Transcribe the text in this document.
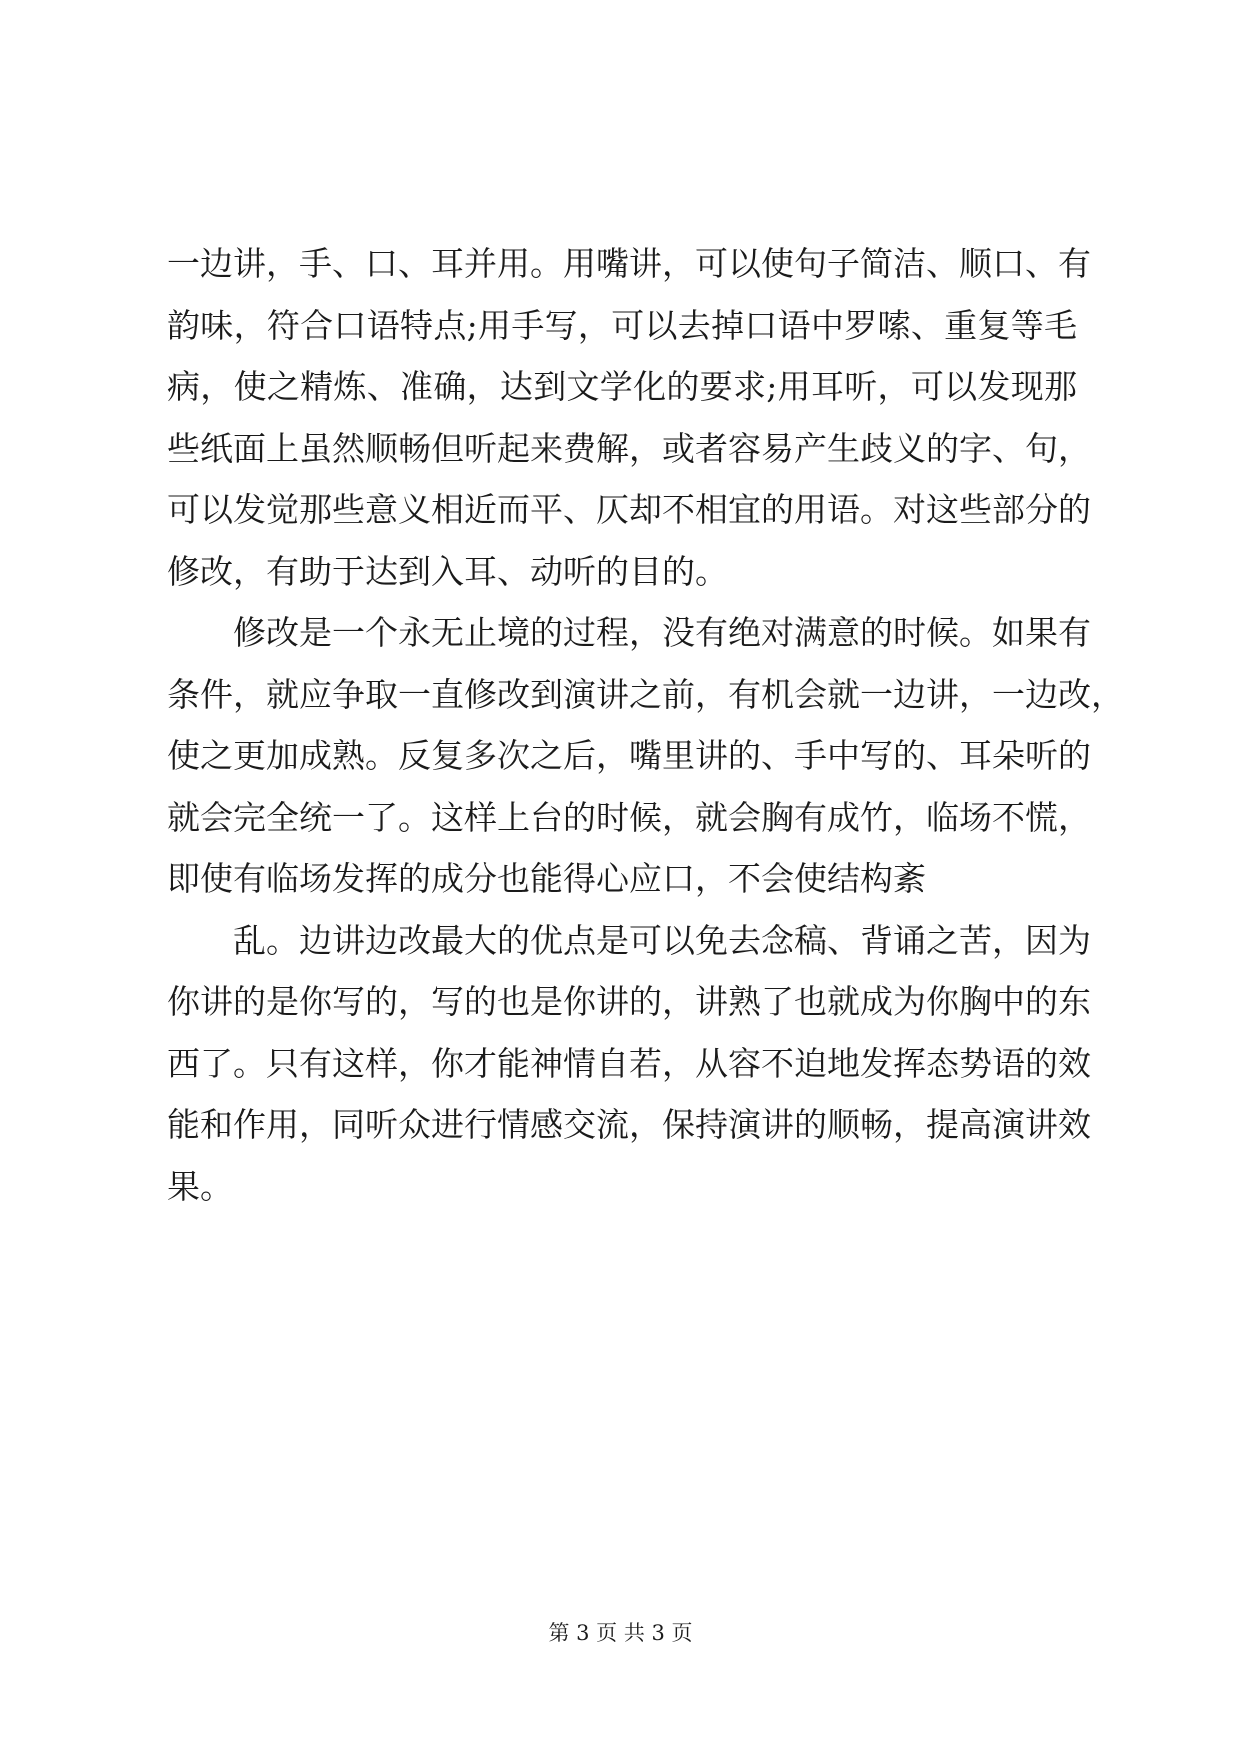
一边讲，手、口、耳并用。用嘴讲，可以使句子简洁、顺口、有
韵味，符合口语特点;用手写，可以去掉口语中罗嗦、重复等毛
病，使之精炼、准确，达到文学化的要求;用耳听，可以发现那
些纸面上虽然顺畅但听起来费解，或者容易产生歧义的字、句，
可以发觉那些意义相近而平、仄却不相宜的用语。对这些部分的
修改，有助于达到入耳、动听的目的。
修改是一个永无止境的过程，没有绝对满意的时候。如果有
条件，就应争取一直修改到演讲之前，有机会就一边讲，一边改，
使之更加成熟。反复多次之后，嘴里讲的、手中写的、耳朵听的
就会完全统一了。这样上台的时候，就会胸有成竹，临场不慌，
即使有临场发挥的成分也能得心应口，不会使结构紊
乱。边讲边改最大的优点是可以免去念稿、背诵之苦，因为
你讲的是你写的，写的也是你讲的，讲熟了也就成为你胸中的东
西了。只有这样，你才能神情自若，从容不迫地发挥态势语的效
能和作用，同听众进行情感交流，保持演讲的顺畅，提高演讲效
果。
第 3 页 共 3 页
